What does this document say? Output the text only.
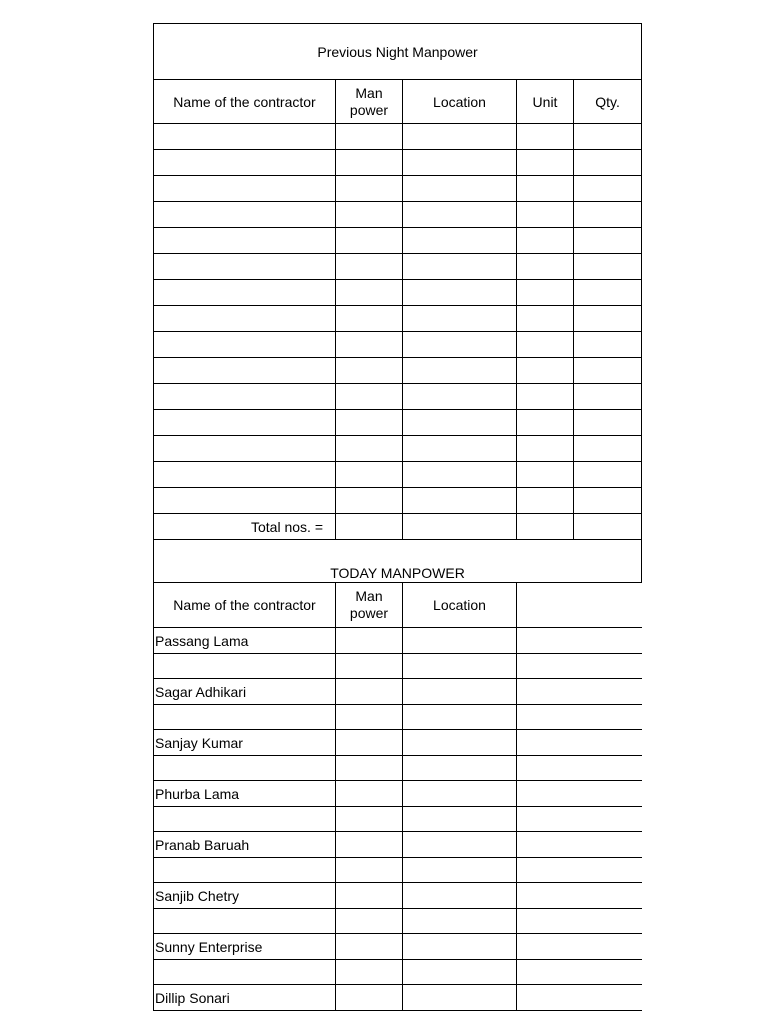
Previous Night Manpower				
Name of the contractor	Man power	Location	Unit	Qty.

Total nos. =				
TODAY MANPOWER				
Name of the contractor	Man power	Location	
Passang Lama			

Sagar Adhikari			

Sanjay Kumar			

Phurba Lama			

Pranab Baruah			

Sanjib Chetry			

Sunny Enterprise			

Dillip Sonari			
